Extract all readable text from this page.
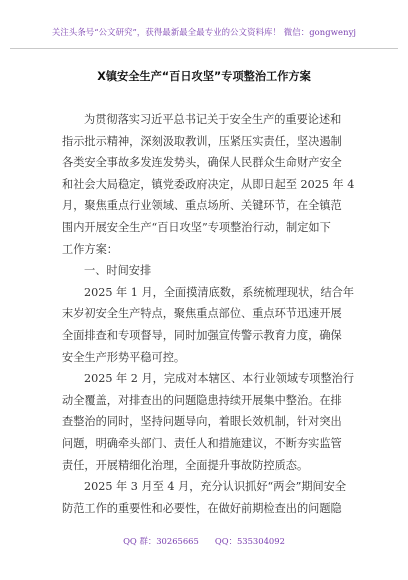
关注头条号“公文研究”，获得最新最全最专业的公文资料库！ 微信：gongwenyj
X镇安全生产“百日攻坚”专项整治工作方案
为贯彻落实习近平总书记关于安全生产的重要论述和
指示批示精神，深刻汲取教训，压紧压实责任，坚决遏制
各类安全事故多发连发势头，确保人民群众生命财产安全
和社会大局稳定，镇党委政府决定，从即日起至 2025 年 4
月，聚焦重点行业领域、重点场所、关键环节，在全镇范
围内开展安全生产“百日攻坚”专项整治行动，制定如下
工作方案：
一、时间安排
2025 年 1 月，全面摸清底数，系统梳理现状，结合年
末岁初安全生产特点，聚焦重点部位、重点环节迅速开展
全面排查和专项督导，同时加强宣传警示教育力度，确保
安全生产形势平稳可控。
2025 年 2 月，完成对本辖区、本行业领域专项整治行
动全覆盖，对排查出的问题隐患持续开展集中整治。在排
查整治的同时，坚持问题导向，着眼长效机制，针对突出
问题，明确牵头部门、责任人和措施建议，不断夯实监管
责任，开展精细化治理，全面提升事故防控质态。
2025 年 3 月至 4 月，充分认识抓好“两会”期间安全
防范工作的重要性和必要性，在做好前期检查出的问题隐
QQ 群：30265665 QQ：535304092
